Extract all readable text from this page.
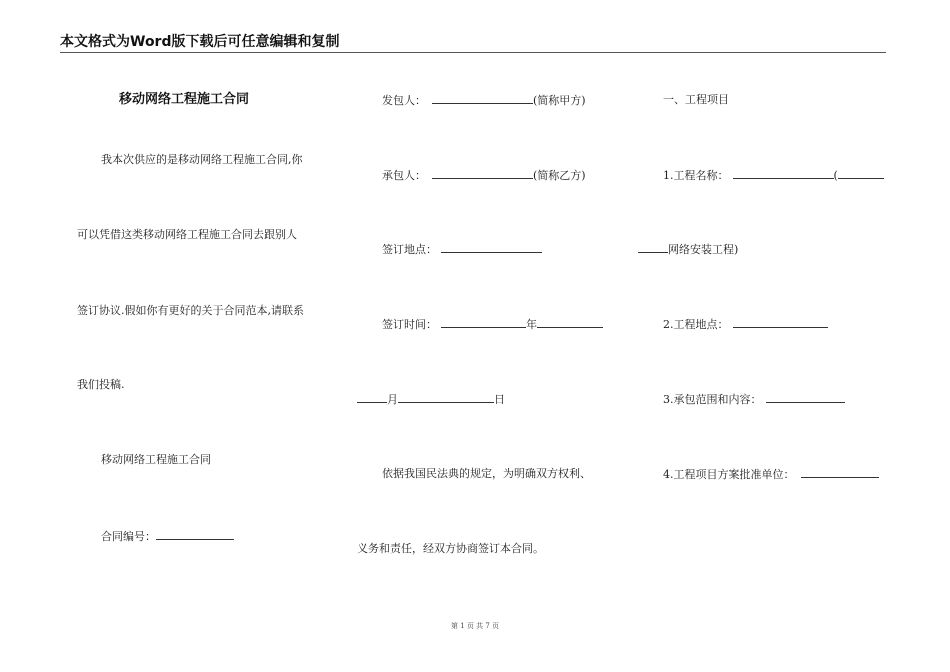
本文格式为Word版下载后可任意编辑和复制
移动网络工程施工合同
我本次供应的是移动网络工程施工合同,你
可以凭借这类移动网络工程施工合同去跟别人
签订协议.假如你有更好的关于合同范本,请联系
我们投稿.
移动网络工程施工合同
合同编号：
发包人：	(简称甲方)
承包人：	(简称乙方)
签订地点：
签订时间：	年
月	日
依据我国民法典的规定，为明确双方权利、
义务和责任，经双方协商签订本合同。
一、工程项目
1.工程名称：	(
网络安装工程)
2.工程地点：
3.承包范围和内容：
4.工程项目方案批准单位：
第 1 页 共 7 页
